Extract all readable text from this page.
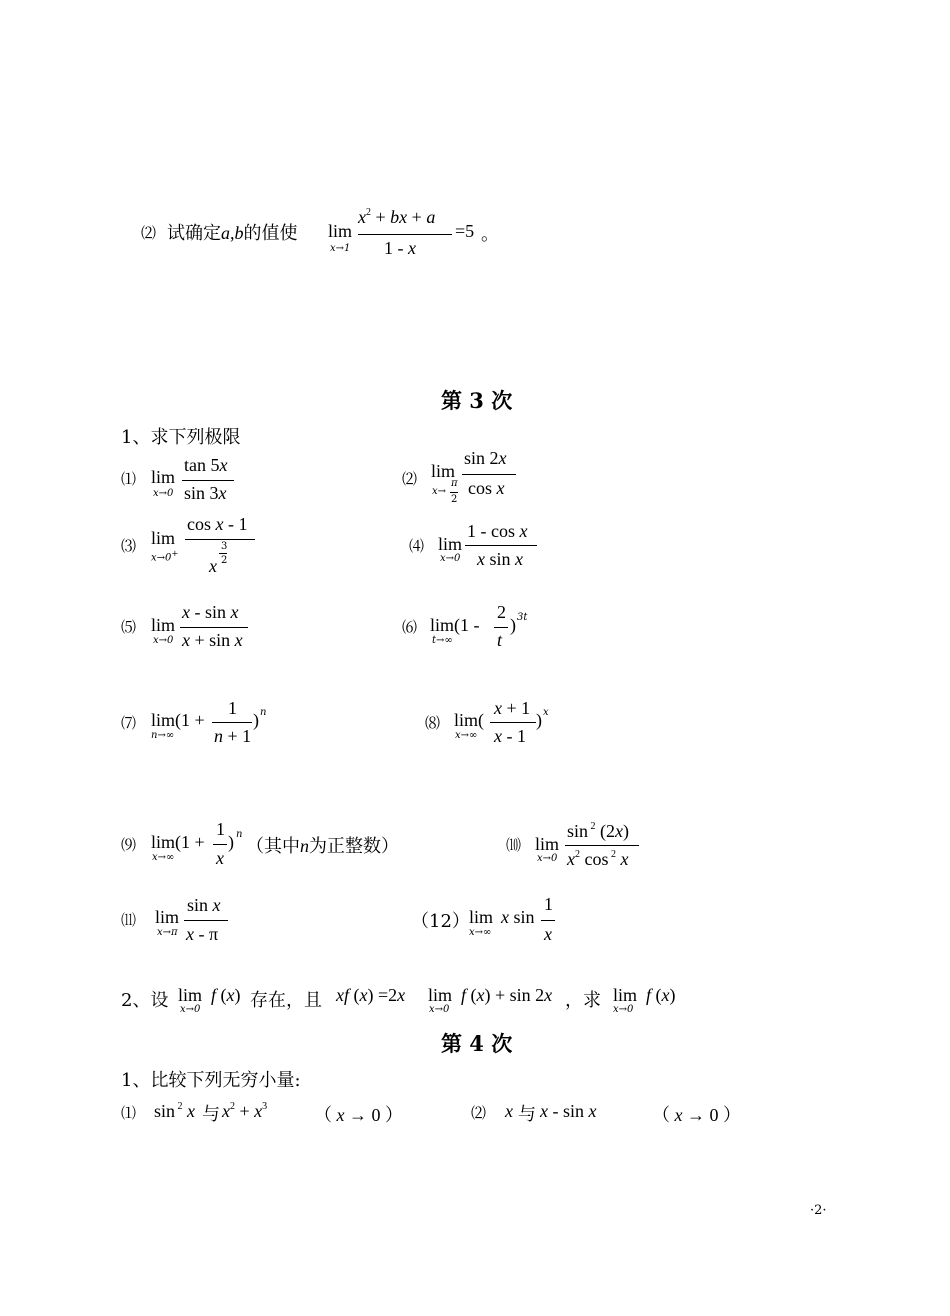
⑵ 试确定a,b的值使 lim
x→1
$x^2$ + bx + a
1 - x
=5 。
第 3 次
1、求下列极限
⑴ lim
x→0
tan 5x
sin 3x
⑵ lim
x→
π
2
sin 2x
cos x
⑶ lim
x→0+
cos x - 1
x
3
2
⑷ lim
x→0
1 - cos x
x sin x
⑸ lim
x→0
x - sin x
x + sin x
⑹ lim(1 -
t→∞
2
t
) 3t
⑺ lim(1 +
n→∞
1
n + 1
) n
⑻ lim(
x→∞
x + 1
x - 1
) x
⑼ lim(1 +
x→∞
1
x
) n
（其中n为正整数）	⑽ lim
x→0
sin $^2$ (2x)
$x^2$ cos $^2$ x
⑾ lim
x→π
sin x
x - π
（12） lim
x→∞
x sin
1
x
2、设 lim
x→0
f (x) 存在，且 xf (x) =2x lim
x→0
f (x) + sin 2x ，求 lim
x→0
f (x)
第 4 次
1、比较下列无穷小量:
⑴ sin $^2$ x 与 $x^2 + x^3$	（ x → 0 ）	⑵ x 与 x - sin x	（ x → 0 ）
·2·
